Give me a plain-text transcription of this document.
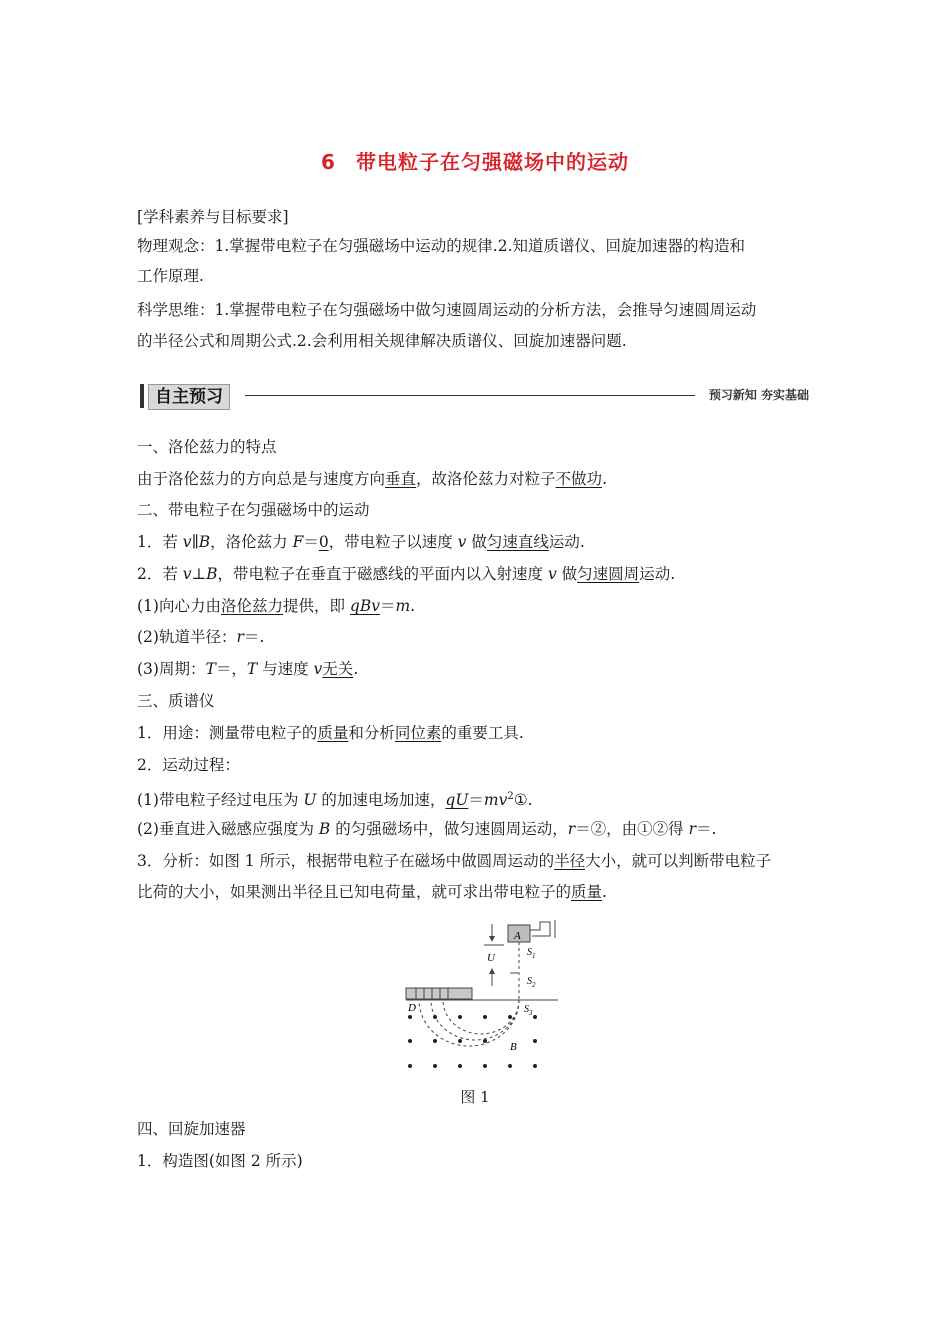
6 带电粒子在匀强磁场中的运动
[学科素养与目标要求]
物理观念：1.掌握带电粒子在匀强磁场中运动的规律.2.知道质谱仪、回旋加速器的构造和
工作原理.
科学思维：1.掌握带电粒子在匀强磁场中做匀速圆周运动的分析方法，会推导匀速圆周运动
的半径公式和周期公式.2.会利用相关规律解决质谱仪、回旋加速器问题.
自主预习	预习新知 夯实基础
一、洛伦兹力的特点
由于洛伦兹力的方向总是与速度方向垂直，故洛伦兹力对粒子不做功.
二、带电粒子在匀强磁场中的运动
1．若 v∥B，洛伦兹力 F＝0，带电粒子以速度 v 做匀速直线运动.
2．若 v⊥B，带电粒子在垂直于磁感线的平面内以入射速度 v 做匀速圆周运动.
(1)向心力由洛伦兹力提供，即 qBv＝m.
(2)轨道半径：r＝.
(3)周期：T＝，T 与速度 v无关.
三、质谱仪
1．用途：测量带电粒子的质量和分析同位素的重要工具.
2．运动过程：
(1)带电粒子经过电压为 U 的加速电场加速，$qU=mv^2①$.
(2)垂直进入磁感应强度为 B 的匀强磁场中，做匀速圆周运动，r＝②，由①②得 r＝.
3．分析：如图 1 所示，根据带电粒子在磁场中做圆周运动的半径大小，就可以判断带电粒子
比荷的大小，如果测出半径且已知电荷量，就可求出带电粒子的质量.
A
$S_1$
$S_2$
U
D	$S_3$
B
图 1
四、回旋加速器
1．构造图(如图 2 所示)
